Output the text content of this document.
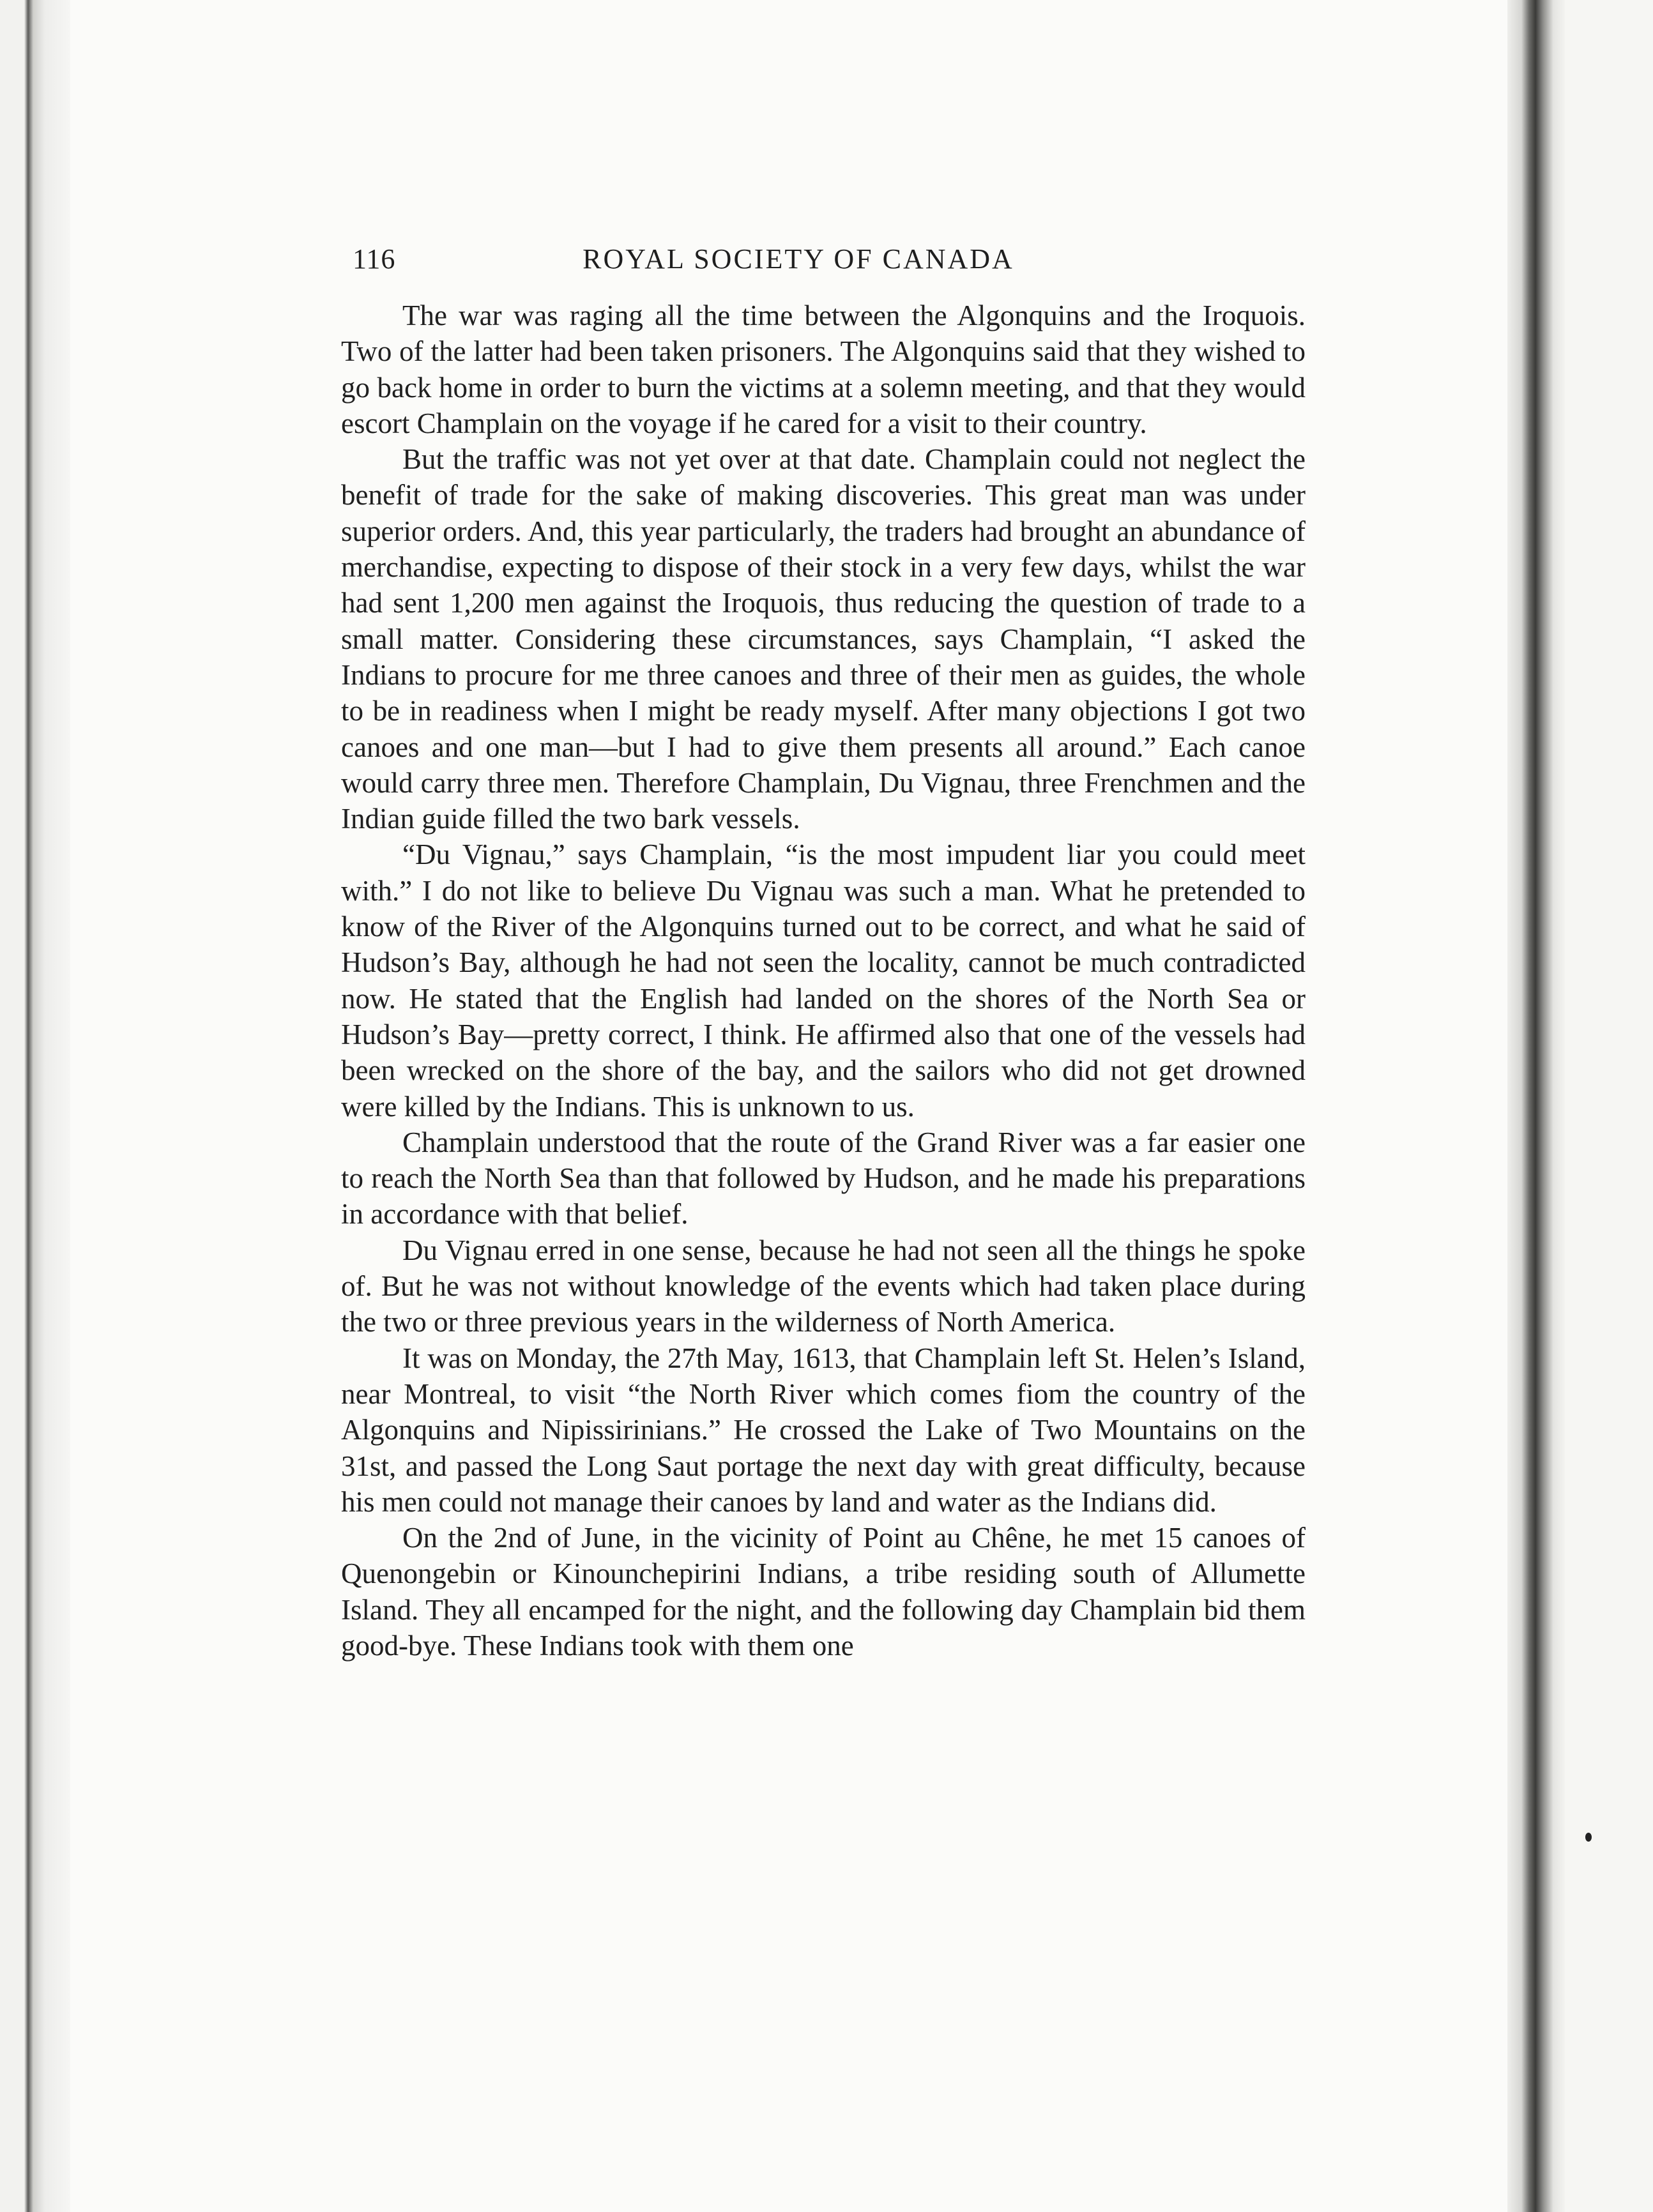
116	ROYAL SOCIETY OF CANADA

The war was raging all the time between the Algonquins and the Iroquois. Two of the latter had been taken prisoners. The Algonquins said that they wished to go back home in order to burn the victims at a solemn meeting, and that they would escort Champlain on the voyage if he cared for a visit to their country.

But the traffic was not yet over at that date. Champlain could not neglect the benefit of trade for the sake of making discoveries. This great man was under superior orders. And, this year particularly, the traders had brought an abundance of merchandise, expecting to dispose of their stock in a very few days, whilst the war had sent 1,200 men against the Iroquois, thus reducing the question of trade to a small matter. Considering these circumstances, says Champlain, “I asked the Indians to procure for me three canoes and three of their men as guides, the whole to be in readiness when I might be ready myself. After many objections I got two canoes and one man—but I had to give them presents all around.” Each canoe would carry three men. Therefore Champlain, Du Vignau, three Frenchmen and the Indian guide filled the two bark vessels.

“Du Vignau,” says Champlain, “is the most impudent liar you could meet with.” I do not like to believe Du Vignau was such a man. What he pretended to know of the River of the Algonquins turned out to be correct, and what he said of Hudson’s Bay, although he had not seen the locality, cannot be much contradicted now. He stated that the English had landed on the shores of the North Sea or Hudson’s Bay—pretty correct, I think. He affirmed also that one of the vessels had been wrecked on the shore of the bay, and the sailors who did not get drowned were killed by the Indians. This is unknown to us.

Champlain understood that the route of the Grand River was a far easier one to reach the North Sea than that followed by Hudson, and he made his preparations in accordance with that belief.

Du Vignau erred in one sense, because he had not seen all the things he spoke of. But he was not without knowledge of the events which had taken place during the two or three previous years in the wilderness of North America.

It was on Monday, the 27th May, 1613, that Champlain left St. Helen’s Island, near Montreal, to visit “the North River which comes fiom the country of the Algonquins and Nipissirinians.” He crossed the Lake of Two Mountains on the 31st, and passed the Long Saut portage the next day with great difficulty, because his men could not manage their canoes by land and water as the Indians did.

On the 2nd of June, in the vicinity of Point au Chêne, he met 15 canoes of Quenongebin or Kinounchepirini Indians, a tribe residing south of Allumette Island. They all encamped for the night, and the following day Champlain bid them good-bye. These Indians took with them one
